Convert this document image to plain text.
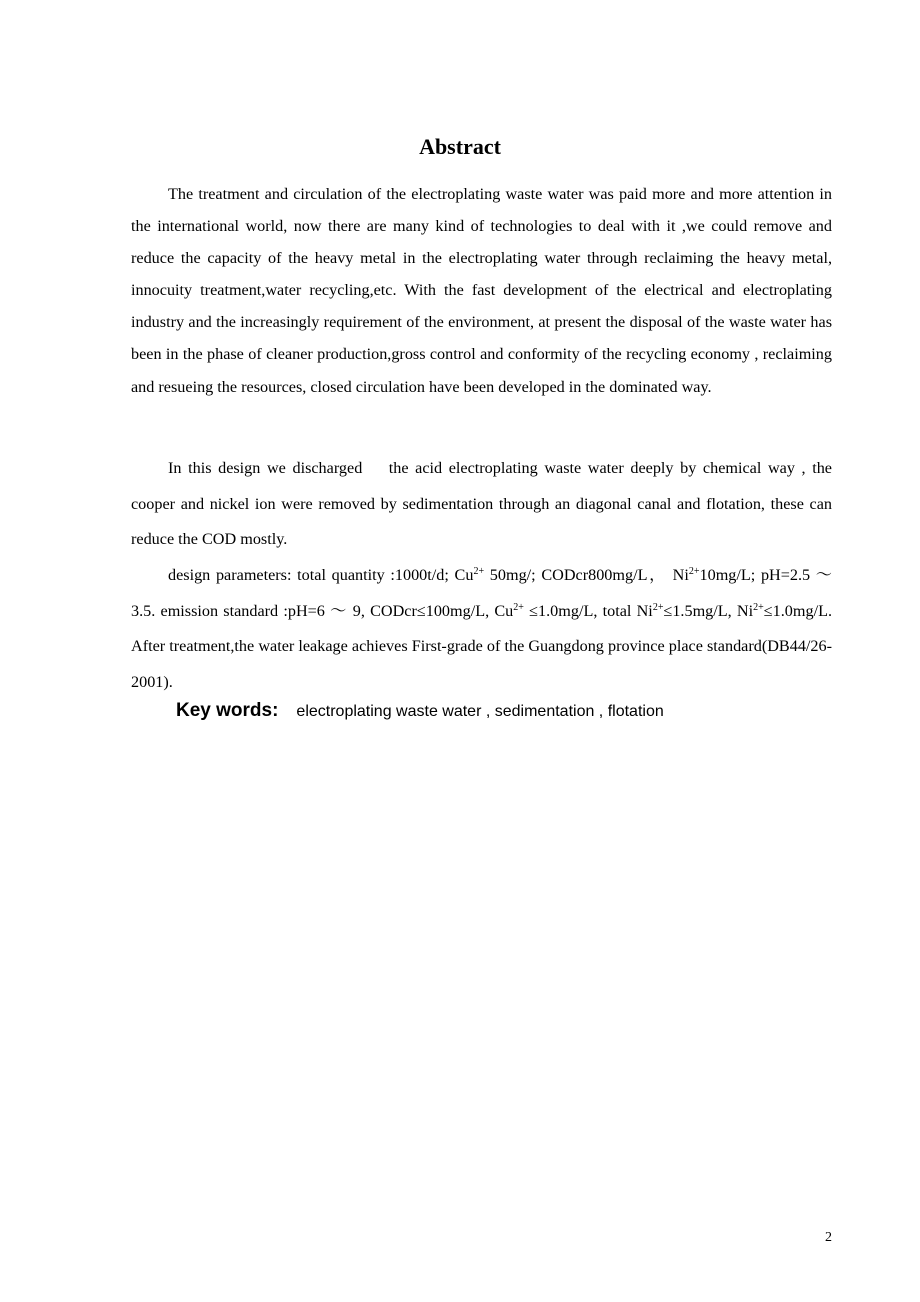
Abstract

The treatment and circulation of the electroplating waste water was paid more and more attention in the international world, now there are many kind of technologies to deal with it ,we could remove and reduce the capacity of the heavy metal in the electroplating water through reclaiming the heavy metal, innocuity treatment,water recycling,etc. With the fast development of the electrical and electroplating industry and the increasingly requirement of the environment, at present the disposal of the waste water has been in the phase of cleaner production,gross control and conformity of the recycling economy , reclaiming and resueing the resources, closed circulation have been developed in the dominated way.

In this design we discharged    the acid electroplating waste water deeply by chemical way , the cooper and nickel ion were removed by sedimentation through an diagonal canal and flotation, these can reduce the COD mostly.

design parameters: total quantity :1000t/d; $Cu^{2+}$ 50mg/; CODcr800mg/L， $Ni^{2+}10mg/L$; pH=2.5 ～ 3.5. emission standard :pH=6 ～ 9, CODcr≤100mg/L, $Cu^{2+} \le 1.0mg/L$, total $Ni^{2+}\le 1.5mg/L$, $Ni^{2+}\le 1.0mg/L$. After treatment,the water leakage achieves First-grade of the Guangdong province place standard(DB44/26-2001).

Key words: electroplating waste water , sedimentation , flotation
2
